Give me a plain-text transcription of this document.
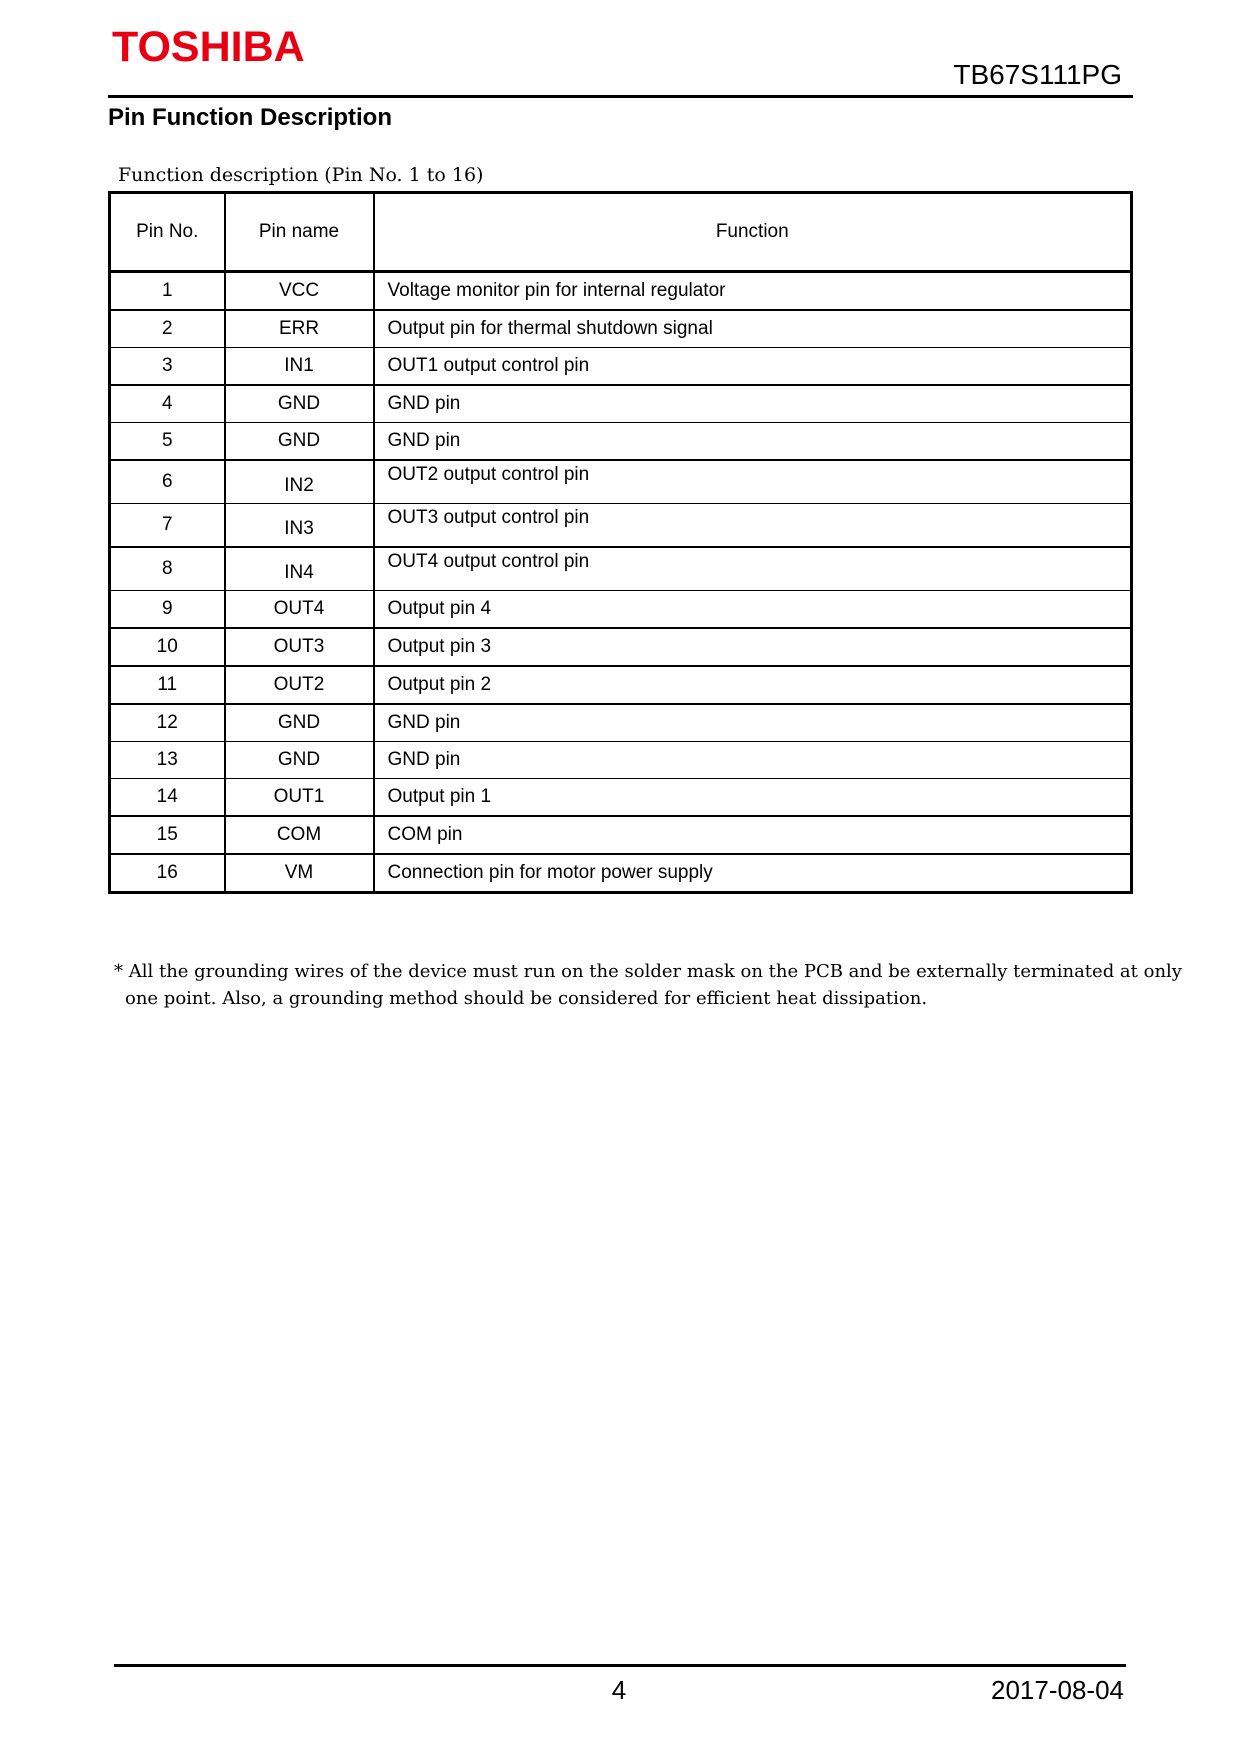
TOSHIBA
TB67S111PG
Pin Function Description
Function description (Pin No. 1 to 16)
Pin No.	Pin name	Function
1	VCC	Voltage monitor pin for internal regulator
2	ERR	Output pin for thermal shutdown signal
3	IN1	OUT1 output control pin
4	GND	GND pin
5	GND	GND pin
6	IN2	OUT2 output control pin
7	IN3	OUT3 output control pin
8	IN4	OUT4 output control pin
9	OUT4	Output pin 4
10	OUT3	Output pin 3
11	OUT2	Output pin 2
12	GND	GND pin
13	GND	GND pin
14	OUT1	Output pin 1
15	COM	COM pin
16	VM	Connection pin for motor power supply
* All the grounding wires of the device must run on the solder mask on the PCB and be externally terminated at only
one point. Also, a grounding method should be considered for efficient heat dissipation.
4	2017-08-04
